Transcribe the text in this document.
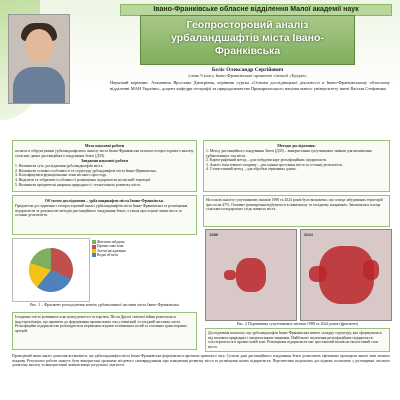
Івано-Франківське обласне відділення Малої академії наук
Геопросторовий аналіз
урбаландшафтів міста Івано-
Франківська
Беліс Олександр Сергійович
учень 9 класу Івано-Франківської приватної гімназії «Ерідан»
Науковий керівник: Атаманюк Ярослава Дмитрівна, керівник гуртка «Основи дослідницької діяльності в Івано-Франківському обласному відділенні МАН України», доцент кафедри географії та природознавства Прикарпатського національного університету імені Василя Стефаника
Мета наукової роботи
полягає в обґрунтуванні урбаландшафтного аналізу міста Івано-Франківська шляхом геопросторового аналізу, сучасних даних дистанційного зондування Землі (ДЗЗ).
Завдання наукової роботи
1. Визначити суть дослідження урбаландшафтів міста.
2. Визначити основні особливості та структуру урбандшафтів міста Івано-Франківська.
3. Класифікувати функціональні зони міського простору.
4. Виділити та зобразити особливості розміщення підприємств на міській території.
5. Визначити пріоритетні напрями природного і техногенного розвитку міста.
Методи дослідження:
1. Метод дистанційного зондування Землі (ДЗЗ) – використання супутникових знімків для визначення урбанізованих зон міста.
2. Картографічний метод – для побудови карт рельєфаційних підприємств.
3. Аналіз змін земного покриву – для оцінки зростання міста за останні десятиліття.
4. Статистичний метод – для обробки отриманих даних.
Об'єктом дослідження – урбаландшафти міста Івано-Франківськ.
Предметом дослідження є геопросторовий аналіз урбаландшафтів міста Івано-Франківська та розміщення підприємств за допомогою методів дистанційного зондування Землі, а також просторові зміни міста за останні десятиліття.
На основі аналізу супутникових знімків 1988 та 2024 років було визначено, що площа забудованих територій зросла на 47%. Основне розширення відбувалося в північному та західному напрямках. Зменшилася площа сільськогосподарських угідь навколо міста.
Житлова забудова
Промислова зона
Зелені насадження
Водні об'єкти
Рис. 1 – Фрагмент розподілення земель урбанізованої частини міста Івано-Франківська
Історично місто розвивалося як центр ремесел та торгівлі. Після Другої світової війни розпочалася індустріалізація, що призвело до формування промислових зон у північній та західній частинах міста. Рельєфаційні підприємства розміщуються переважно вздовж залізничних колій та головних транспортних артерій.
1988	2024
Рис. 2 Порівняння супутникових знімків 1988 та 2024 років (фрагмент)
Дослідження показало, що урбаландшафти Івано-Франківська мають складну структуру, яка сформувалася під впливом природних і антропогенних чинників. Найбільше скупчення рельєфаційних підприємств спостерігається в промисловій зоні. Розміщення підприємств має зростаючий вплив на екологічний стан міста.
Проведений нами аналіз дозволив встановити, що урбаландшафти міста Івано-Франківська формувалися протягом тривалого часу. Сучасні дані дистанційного зондування Землі дозволяють ефективно проводити аналіз змін земного покриву. Результати роботи можуть бути використані органами місцевого самоврядування при плануванні розвитку міста та розміщенні нових підприємств. Перспективи подальших досліджень полягають у розширенні часового діапазону аналізу та використанні знімків вищої роздільної здатності.
